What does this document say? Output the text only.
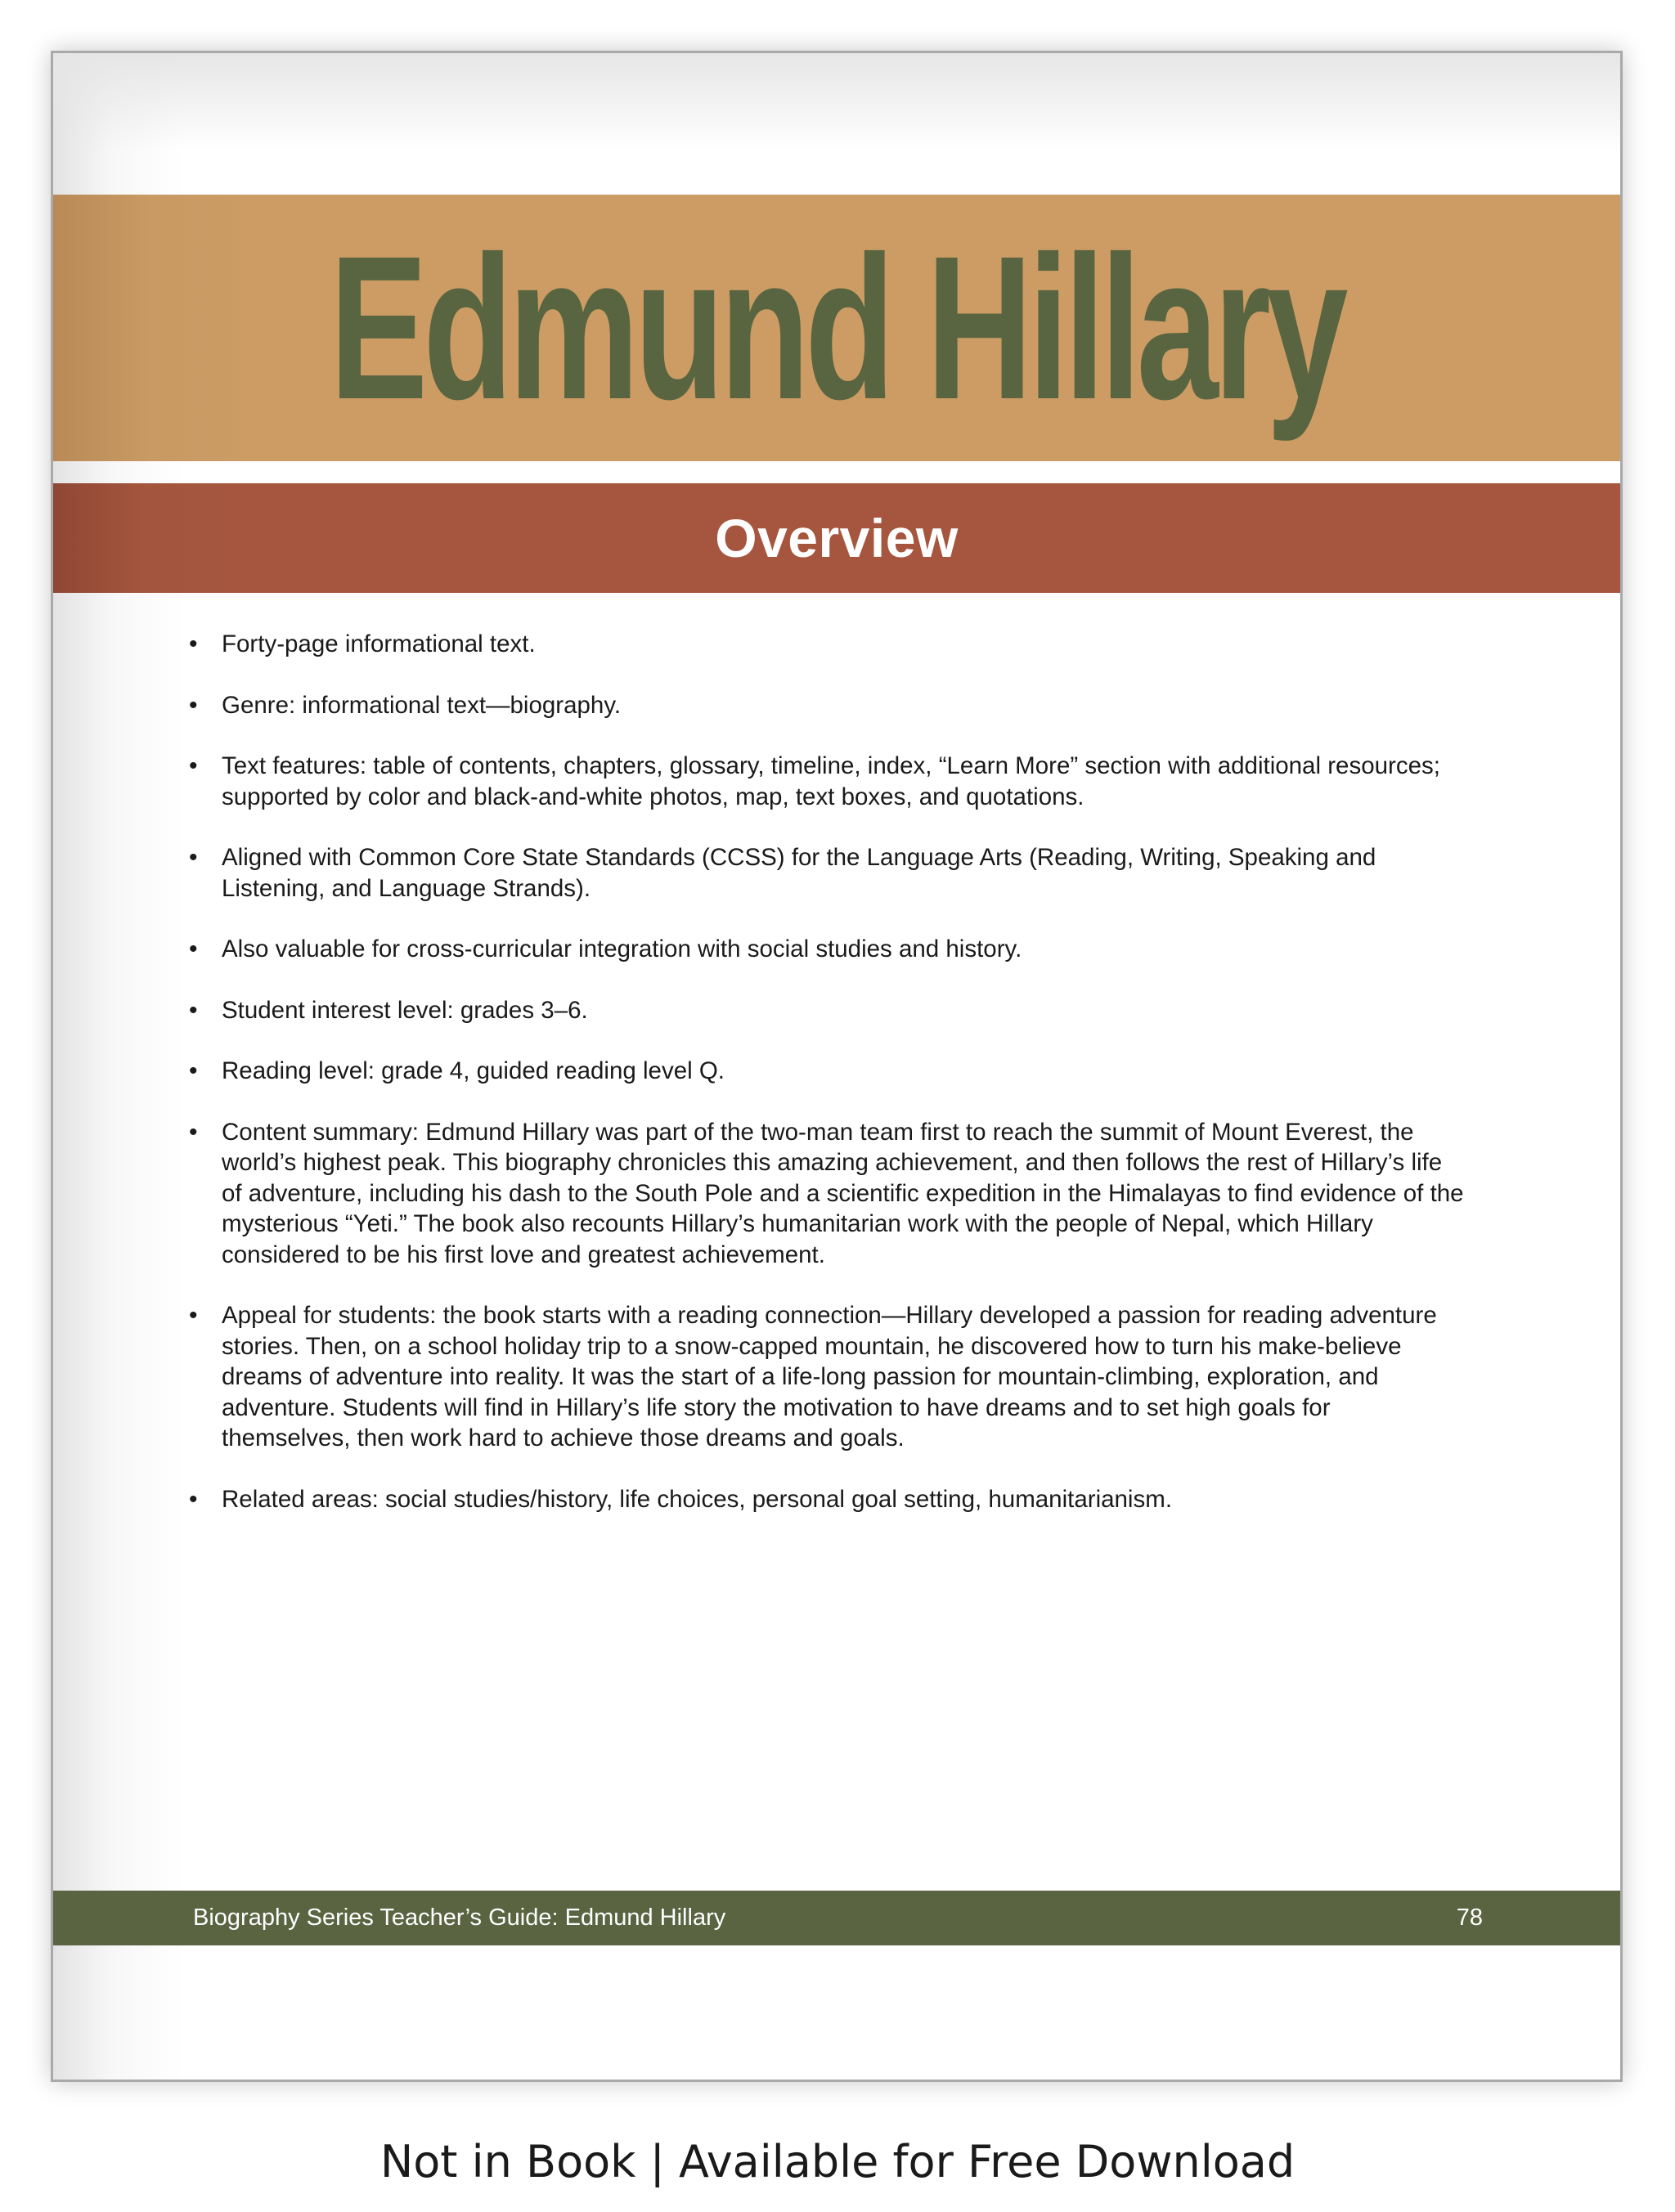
Edmund Hillary
Overview
• Forty-page informational text.
• Genre: informational text—biography.
• Text features: table of contents, chapters, glossary, timeline, index, “Learn More” section with additional resources; supported by color and black-and-white photos, map, text boxes, and quotations.
• Aligned with Common Core State Standards (CCSS) for the Language Arts (Reading, Writing, Speaking and Listening, and Language Strands).
• Also valuable for cross-curricular integration with social studies and history.
• Student interest level: grades 3–6.
• Reading level: grade 4, guided reading level Q.
• Content summary: Edmund Hillary was part of the two-man team first to reach the summit of Mount Everest, the world’s highest peak. This biography chronicles this amazing achievement, and then follows the rest of Hillary’s life of adventure, including his dash to the South Pole and a scientific expedition in the Himalayas to find evidence of the mysterious “Yeti.” The book also recounts Hillary’s humanitarian work with the people of Nepal, which Hillary considered to be his first love and greatest achievement.
• Appeal for students: the book starts with a reading connection—Hillary developed a passion for reading adventure stories. Then, on a school holiday trip to a snow-capped mountain, he discovered how to turn his make-believe dreams of adventure into reality. It was the start of a life-long passion for mountain-climbing, exploration, and adventure. Students will find in Hillary’s life story the motivation to have dreams and to set high goals for themselves, then work hard to achieve those dreams and goals.
• Related areas: social studies/history, life choices, personal goal setting, humanitarianism.
Biography Series Teacher’s Guide: Edmund Hillary	78
Not in Book | Available for Free Download
